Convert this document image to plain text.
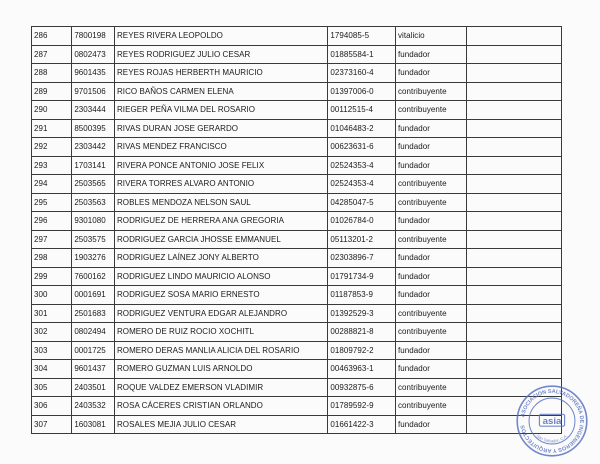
286	7800198	REYES RIVERA LEOPOLDO	1794085-5	vitalicio	
287	0802473	REYES RODRIGUEZ JULIO CESAR	01885584-1	fundador	
288	9601435	REYES ROJAS HERBERTH MAURICIO	02373160-4	fundador	
289	9701506	RICO BAÑOS CARMEN ELENA	01397006-0	contribuyente	
290	2303444	RIEGER PEÑA VILMA DEL ROSARIO	00112515-4	contribuyente	
291	8500395	RIVAS DURAN JOSE GERARDO	01046483-2	fundador	
292	2303442	RIVAS MENDEZ FRANCISCO	00623631-6	fundador	
293	1703141	RIVERA PONCE ANTONIO JOSE FELIX	02524353-4	fundador	
294	2503565	RIVERA TORRES ALVARO ANTONIO	02524353-4	contribuyente	
295	2503563	ROBLES MENDOZA NELSON SAUL	04285047-5	contribuyente	
296	9301080	RODRIGUEZ DE HERRERA ANA GREGORIA	01026784-0	fundador	
297	2503575	RODRIGUEZ GARCIA JHOSSE EMMANUEL	05113201-2	contribuyente	
298	1903276	RODRIGUEZ LAÍNEZ JONY ALBERTO	02303896-7	fundador	
299	7600162	RODRIGUEZ LINDO MAURICIO ALONSO	01791734-9	fundador	
300	0001691	RODRIGUEZ SOSA MARIO ERNESTO	01187853-9	fundador	
301	2501683	RODRIGUEZ VENTURA EDGAR ALEJANDRO	01392529-3	contribuyente	
302	0802494	ROMERO DE RUIZ ROCIO XOCHITL	00288821-8	contribuyente	
303	0001725	ROMERO DERAS MANLIA ALICIA DEL ROSARIO	01809792-2	fundador	
304	9601437	ROMERO GUZMAN LUIS ARNOLDO	00463963-1	fundador	
305	2403501	ROQUE VALDEZ EMERSON VLADIMIR	00932875-6	contribuyente	
306	2403532	ROSA CÁCERES CRISTIAN ORLANDO	01789592-9	contribuyente	
307	1603081	ROSALES MEJIA JULIO CESAR	01661422-3	fundador	
ASOCIACIÓN SALVADOREÑA DE INGENIEROS Y ARQUITECTOS	asia
San Salvador, C.A.
